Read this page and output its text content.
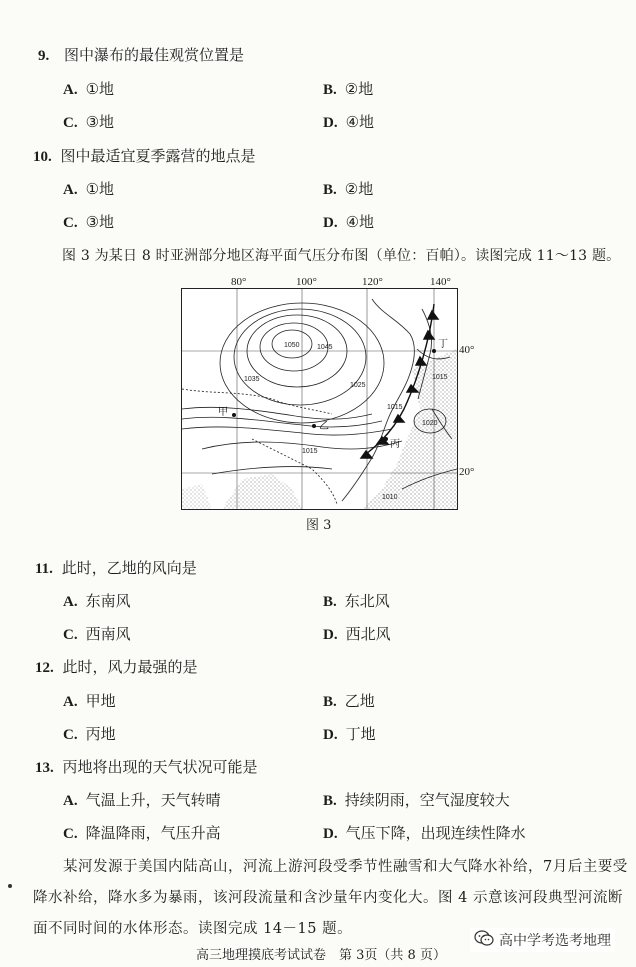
9. 图中瀑布的最佳观赏位置是
A. ①地	B. ②地
C. ③地	D. ④地
10. 图中最适宜夏季露营的地点是
A. ①地	B. ②地
C. ③地	D. ④地
图 3 为某日 8 时亚洲部分地区海平面气压分布图（单位：百帕）。读图完成 11～13 题。
80°	100°	120°	140°
40°
20°
1050 1045
1035
1025
1015
1015
1020
1015
1010
甲
乙
丙
丁
图 3
11. 此时，乙地的风向是
A. 东南风	B. 东北风
C. 西南风	D. 西北风
12. 此时，风力最强的是
A. 甲地	B. 乙地
C. 丙地	D. 丁地
13. 丙地将出现的天气状况可能是
A. 气温上升，天气转晴	B. 持续阴雨，空气湿度较大
C. 降温降雨，气压升高	D. 气压下降，出现连续性降水
某河发源于美国内陆高山，河流上游河段受季节性融雪和大气降水补给，7月后主要受
降水补给，降水多为暴雨，该河段流量和含沙量年内变化大。图 4 示意该河段典型河流断
面不同时间的水体形态。读图完成 14－15 题。
高三地理摸底考试试卷　第 3页（共 8 页）
高中学考选考地理
